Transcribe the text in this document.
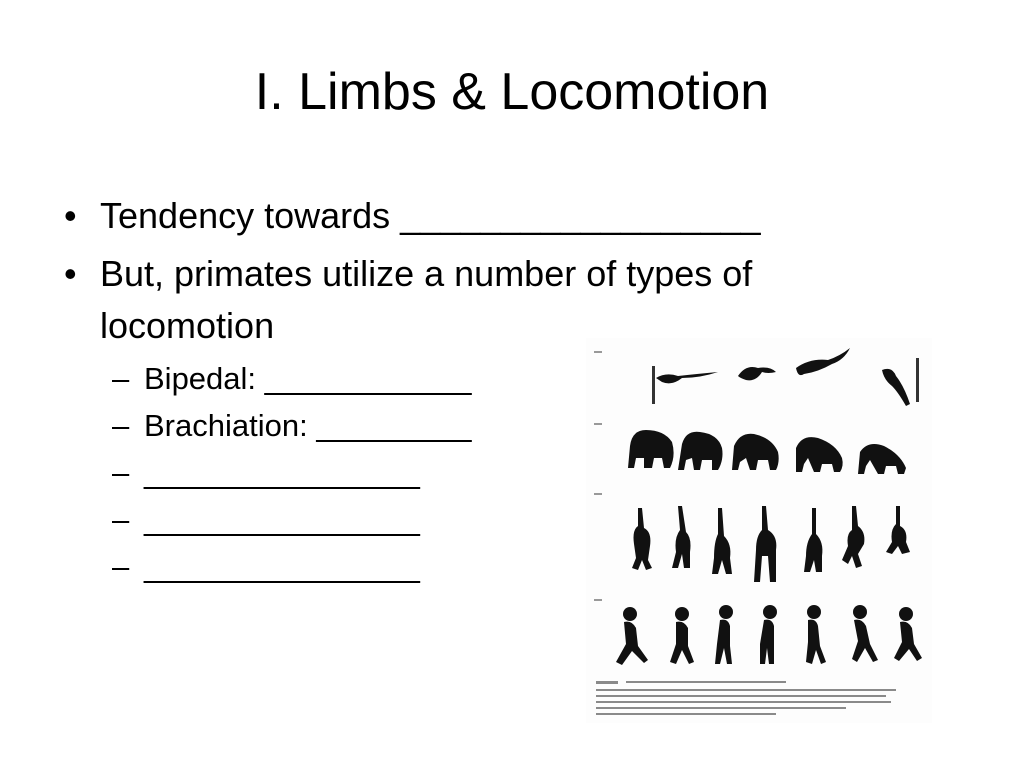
I. Limbs & Locomotion
• Tendency towards __________________
• But, primates utilize a number of types of locomotion
– Bipedal: ____________
– Brachiation: _________
– ________________
– ________________
– ________________
